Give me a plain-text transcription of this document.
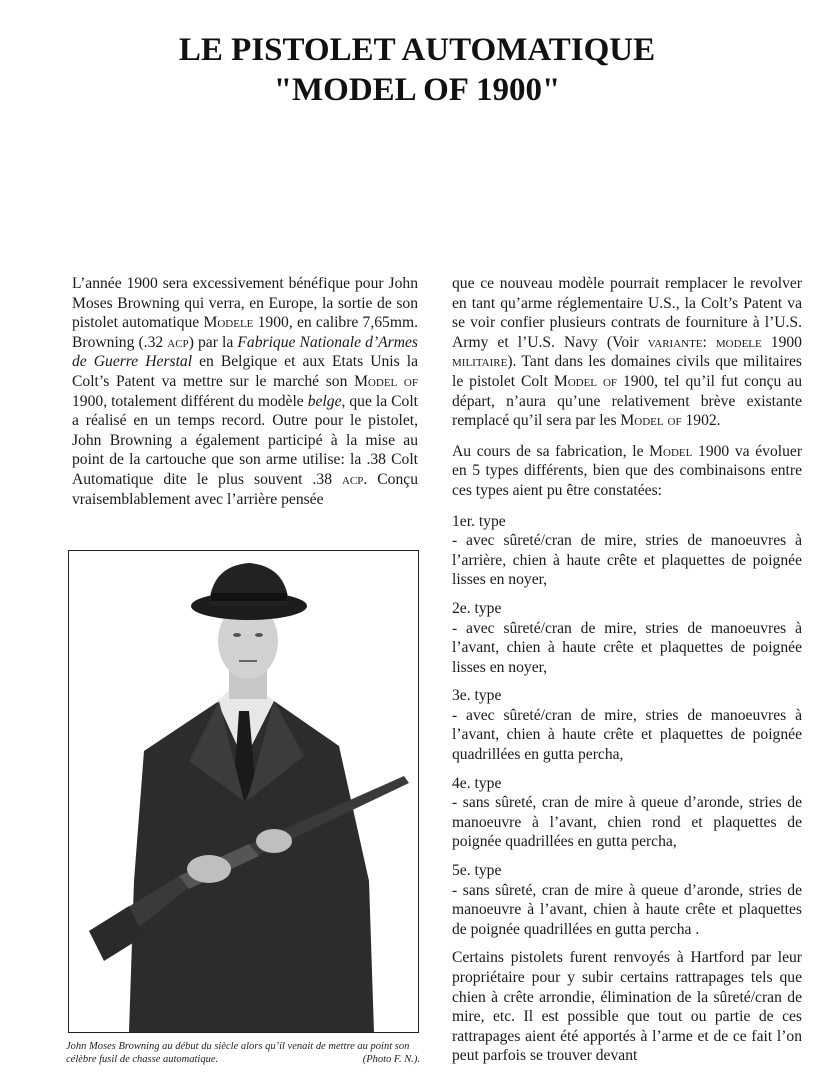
LE PISTOLET AUTOMATIQUE
"MODEL OF 1900"

L’année 1900 sera excessivement bénéfique pour John Moses Browning qui verra, en Europe, la sortie de son pistolet automatique Modele 1900, en calibre 7,65mm. Browning (.32 acp) par la Fabrique Nationale d’Armes de Guerre Herstal en Belgique et aux Etats Unis la Colt’s Patent va mettre sur le marché son Model of 1900, totalement différent du modèle belge, que la Colt a réalisé en un temps record. Outre pour le pistolet, John Browning a également participé à la mise au point de la cartouche que son arme utilise: la .38 Colt Automatique dite le plus souvent .38 acp. Conçu vraisemblablement avec l’arrière pensée

John Moses Browning au début du siècle alors qu’il venait de mettre au point son célèbre fusil de chasse automatique.	(Photo F. N.).

que ce nouveau modèle pourrait remplacer le revolver en tant qu’arme réglementaire U.S., la Colt’s Patent va se voir confier plusieurs contrats de fourniture à l’U.S. Army et l’U.S. Navy (Voir variante: modele 1900 militaire). Tant dans les domaines civils que militaires le pistolet Colt Model of 1900, tel qu’il fut conçu au départ, n’aura qu’une relativement brève existante remplacé qu’il sera par les Model of 1902.

Au cours de sa fabrication, le Model 1900 va évoluer en 5 types différents, bien que des combinaisons entre ces types aient pu être constatées:

1er. type
- avec sûreté/cran de mire, stries de manoeuvres à l’arrière, chien à haute crête et plaquettes de poignée lisses en noyer,
2e. type
- avec sûreté/cran de mire, stries de manoeuvres à l’avant, chien à haute crête et plaquettes de poignée lisses en noyer,
3e. type
- avec sûreté/cran de mire, stries de manoeuvres à l’avant, chien à haute crête et plaquettes de poignée quadrillées en gutta percha,
4e. type
- sans sûreté, cran de mire à queue d’aronde, stries de manoeuvre à l’avant, chien rond et plaquettes de poignée quadrillées en gutta percha,
5e. type
- sans sûreté, cran de mire à queue d’aronde, stries de manoeuvre à l’avant, chien à haute crête et plaquettes de poignée quadrillées en gutta percha .

Certains pistolets furent renvoyés à Hartford par leur propriétaire pour y subir certains rattrapages tels que chien à crête arrondie, élimination de la sûreté/cran de mire, etc. Il est possible que tout ou partie de ces rattrapages aient été apportés à l’arme et de ce fait l’on peut parfois se trouver devant
